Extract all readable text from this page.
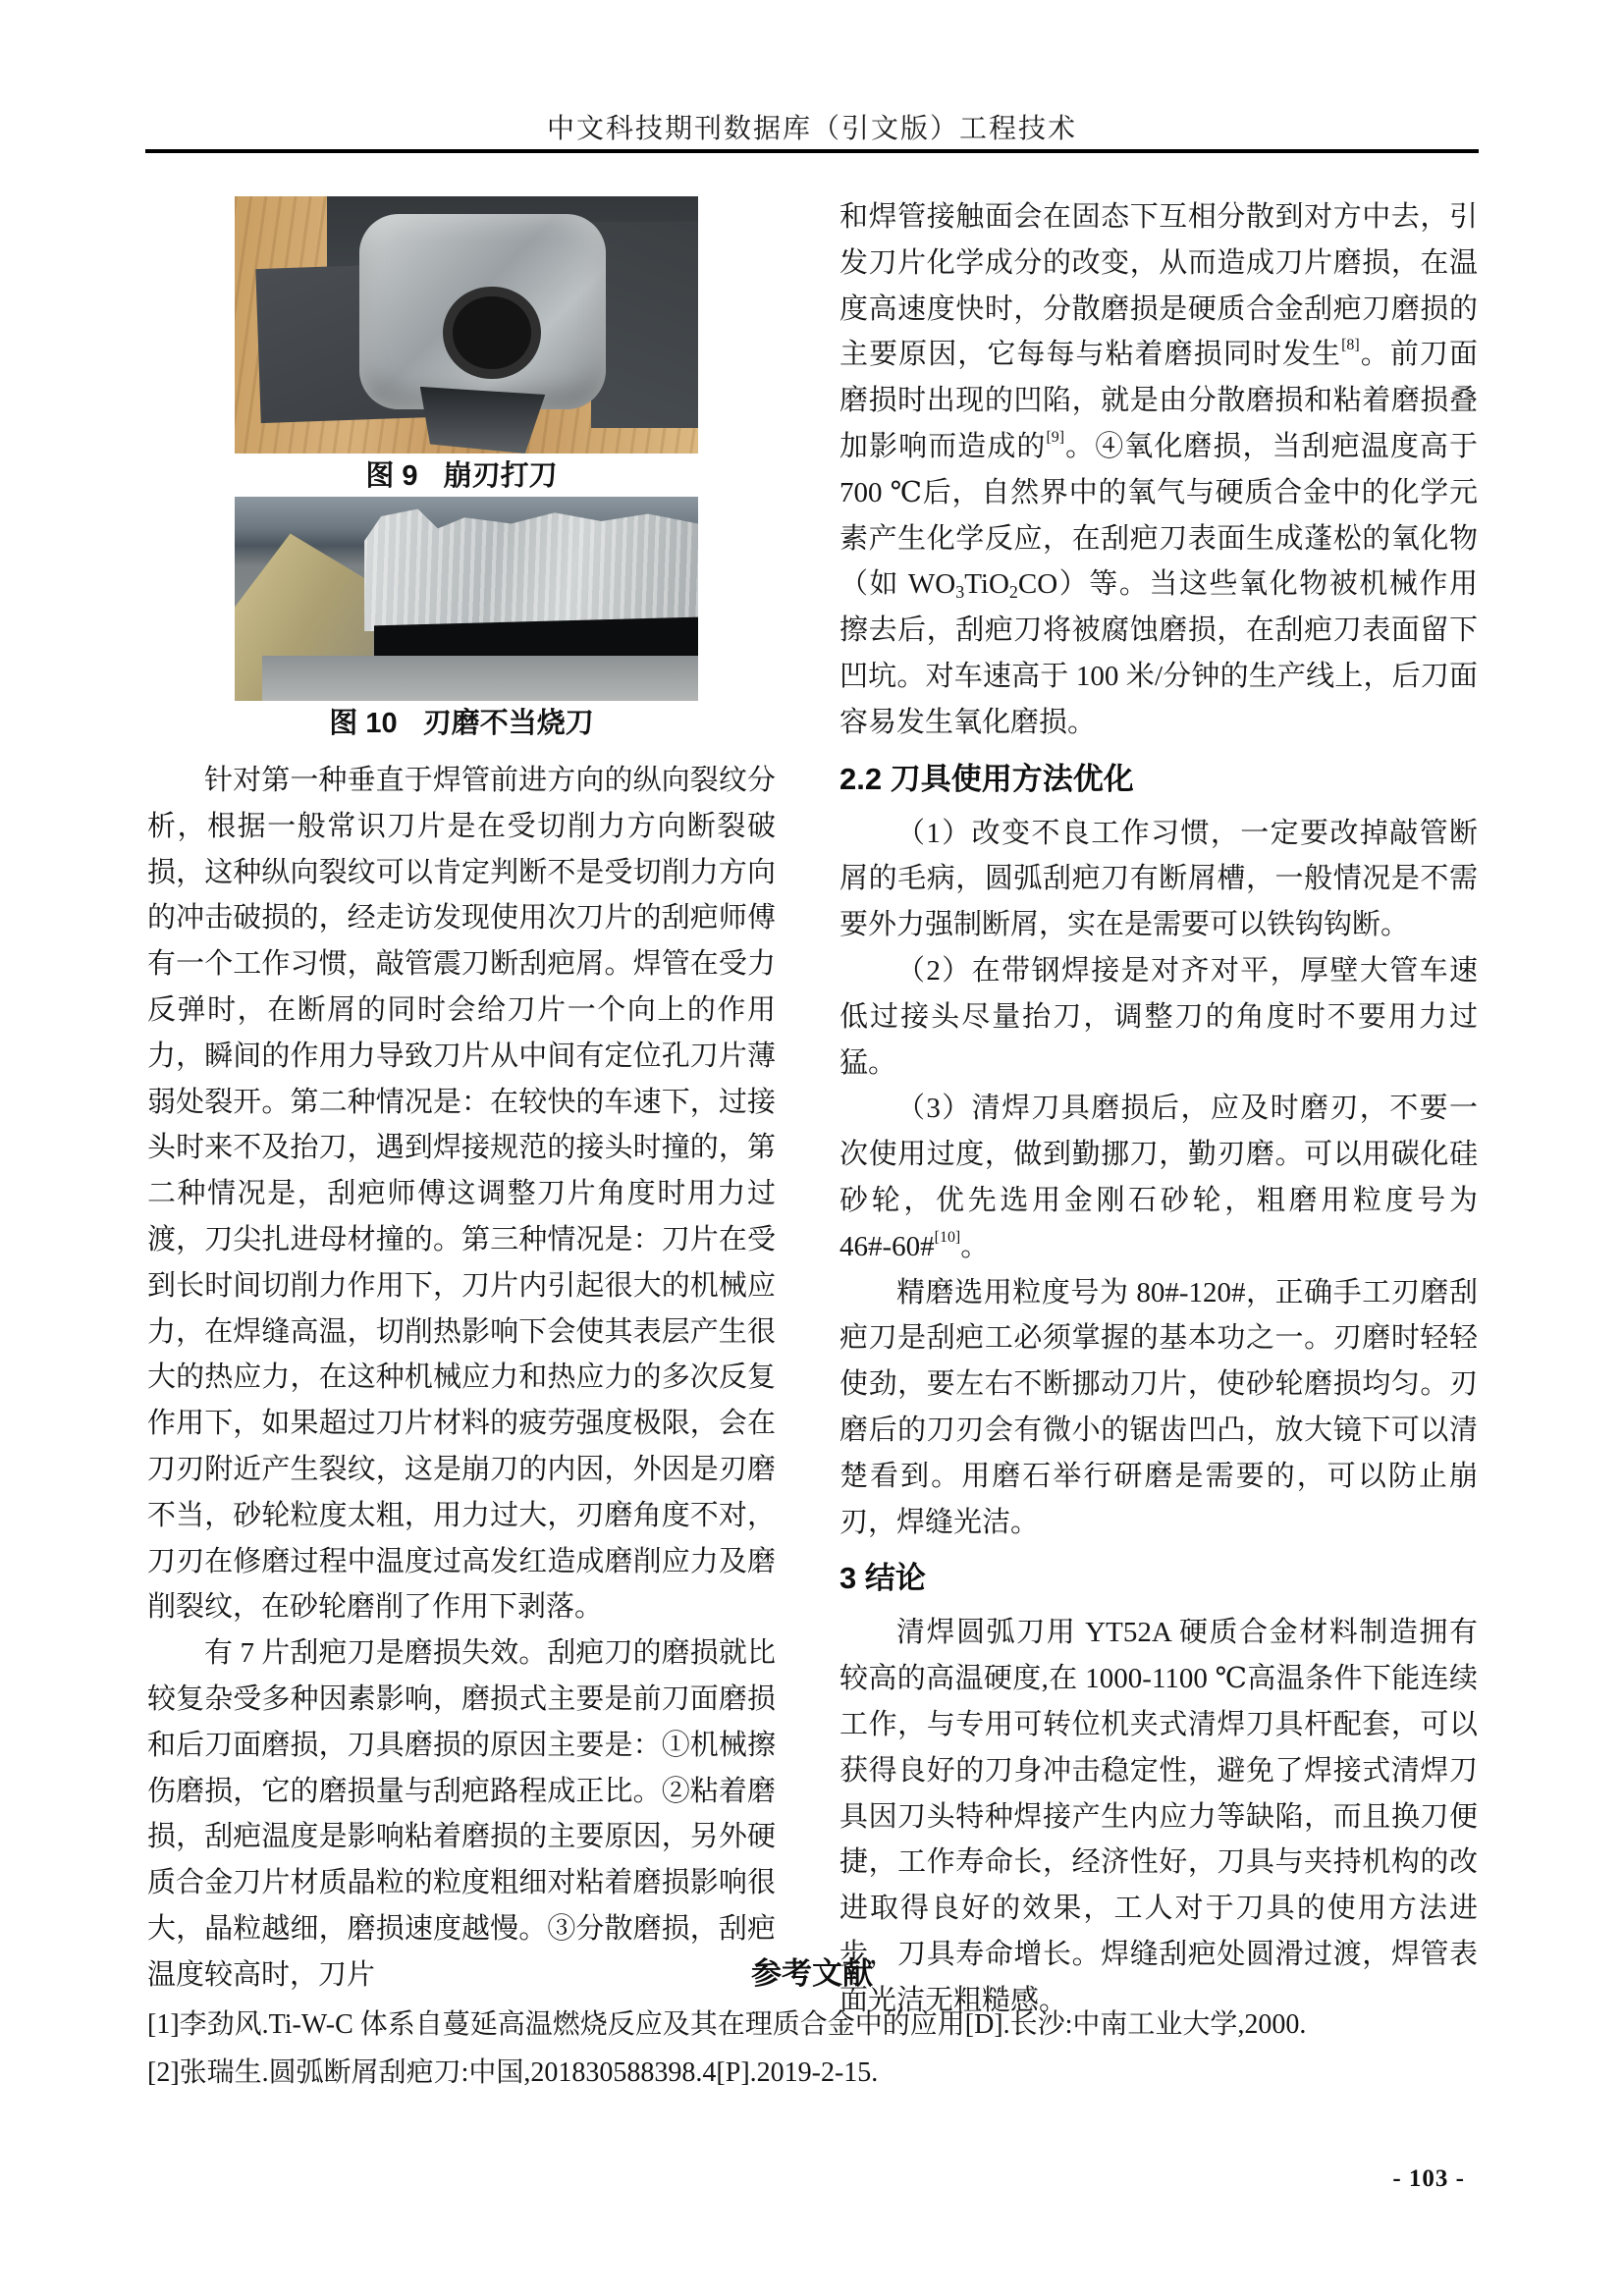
中文科技期刊数据库（引文版）工程技术
图 9 崩刃打刀
图 10 刃磨不当烧刀

针对第一种垂直于焊管前进方向的纵向裂纹分析，根据一般常识刀片是在受切削力方向断裂破损，这种纵向裂纹可以肯定判断不是受切削力方向的冲击破损的，经走访发现使用次刀片的刮疤师傅有一个工作习惯，敲管震刀断刮疤屑。焊管在受力反弹时，在断屑的同时会给刀片一个向上的作用力，瞬间的作用力导致刀片从中间有定位孔刀片薄弱处裂开。第二种情况是：在较快的车速下，过接头时来不及抬刀，遇到焊接规范的接头时撞的，第二种情况是，刮疤师傅这调整刀片角度时用力过渡，刀尖扎进母材撞的。第三种情况是：刀片在受到长时间切削力作用下，刀片内引起很大的机械应力，在焊缝高温，切削热影响下会使其表层产生很大的热应力，在这种机械应力和热应力的多次反复作用下，如果超过刀片材料的疲劳强度极限，会在刀刃附近产生裂纹，这是崩刀的内因，外因是刃磨不当，砂轮粒度太粗，用力过大，刃磨角度不对，刀刃在修磨过程中温度过高发红造成磨削应力及磨削裂纹，在砂轮磨削了作用下剥落。

有 7 片刮疤刀是磨损失效。刮疤刀的磨损就比较复杂受多种因素影响，磨损式主要是前刀面磨损和后刀面磨损，刀具磨损的原因主要是：①机械擦伤磨损，它的磨损量与刮疤路程成正比。②粘着磨损，刮疤温度是影响粘着磨损的主要原因，另外硬质合金刀片材质晶粒的粒度粗细对粘着磨损影响很大，晶粒越细，磨损速度越慢。③分散磨损，刮疤温度较高时，刀片

和焊管接触面会在固态下互相分散到对方中去，引发刀片化学成分的改变，从而造成刀片磨损，在温度高速度快时，分散磨损是硬质合金刮疤刀磨损的主要原因，它每每与粘着磨损同时发生[8]。前刀面磨损时出现的凹陷，就是由分散磨损和粘着磨损叠加影响而造成的[9]。④氧化磨损，当刮疤温度高于 700 ℃后，自然界中的氧气与硬质合金中的化学元素产生化学反应，在刮疤刀表面生成蓬松的氧化物（如 $WO_3TiO_2CO$）等。当这些氧化物被机械作用擦去后，刮疤刀将被腐蚀磨损，在刮疤刀表面留下凹坑。对车速高于 100 米/分钟的生产线上，后刀面容易发生氧化磨损。

2.2 刀具使用方法优化

（1）改变不良工作习惯，一定要改掉敲管断屑的毛病，圆弧刮疤刀有断屑槽，一般情况是不需要外力强制断屑，实在是需要可以铁钩钩断。

（2）在带钢焊接是对齐对平，厚壁大管车速低过接头尽量抬刀，调整刀的角度时不要用力过猛。

（3）清焊刀具磨损后，应及时磨刃，不要一次使用过度，做到勤挪刀，勤刃磨。可以用碳化硅砂轮，优先选用金刚石砂轮，粗磨用粒度号为 46#-60#[10]。

精磨选用粒度号为 80#-120#，正确手工刃磨刮疤刀是刮疤工必须掌握的基本功之一。刃磨时轻轻使劲，要左右不断挪动刀片，使砂轮磨损均匀。刃磨后的刀刃会有微小的锯齿凹凸，放大镜下可以清楚看到。用磨石举行研磨是需要的，可以防止崩刃，焊缝光洁。

3 结论

清焊圆弧刀用 YT52A 硬质合金材料制造拥有较高的高温硬度,在 1000-1100 ℃高温条件下能连续工作，与专用可转位机夹式清焊刀具杆配套，可以获得良好的刀身冲击稳定性，避免了焊接式清焊刀具因刀头特种焊接产生内应力等缺陷，而且换刀便捷，工作寿命长，经济性好，刀具与夹持机构的改进取得良好的效果，工人对于刀具的使用方法进步，刀具寿命增长。焊缝刮疤处圆滑过渡，焊管表面光洁无粗糙感。

参考文献

[1]李劲风.Ti-W-C 体系自蔓延高温燃烧反应及其在理质合金中的应用[D].长沙:中南工业大学,2000.

[2]张瑞生.圆弧断屑刮疤刀:中国,201830588398.4[P].2019-2-15.

- 103 -
